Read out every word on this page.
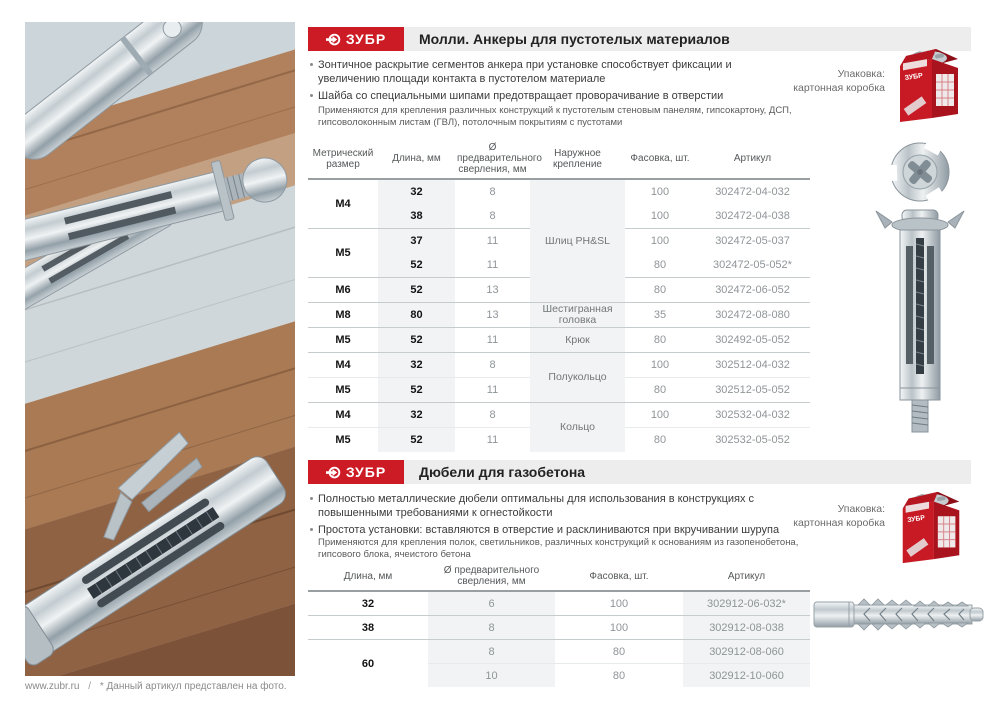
ЗУБР Молли. Анкеры для пустотелых материалов
Зонтичное раскрытие сегментов анкера при установке способствует фиксации и увеличению площади контакта в пустотелом материале
Шайба со специальными шипами предотвращает проворачивание в отверстии
Применяются для крепления различных конструкций к пустотелым стеновым панелям, гипсокартону, ДСП, гипсоволоконным листам (ГВЛ), потолочным покрытиям с пустотами
Упаковка:
картонная коробка
ЗУБР
Метрический размер	Длина, мм	Ø предварительного сверления, мм	Наружное крепление	Фасовка, шт.	Артикул
М4	32	8	Шлиц PH&SL	100	302472-04-032
	38	8		100	302472-04-038
М5	37	11		100	302472-05-037
	52	11		80	302472-05-052*
М6	52	13		80	302472-06-052
М8	80	13	Шестигранная головка	35	302472-08-080
М5	52	11	Крюк	80	302492-05-052
М4	32	8	Полукольцо	100	302512-04-032
М5	52	11		80	302512-05-052
М4	32	8	Кольцо	100	302532-04-032
М5	52	11		80	302532-05-052
ЗУБР Дюбели для газобетона
Полностью металлические дюбели оптимальны для использования в конструкциях с повышенными требованиями к огнестойкости
Простота установки: вставляются в отверстие и расклиниваются при вкручивании шурупа
Применяются для крепления полок, светильников, различных конструкций к основаниям из газопенобетона, гипсового блока, ячеистого бетона
Упаковка:
картонная коробка	ЗУБР
Длина, мм	Ø предварительного сверления, мм	Фасовка, шт.	Артикул
32	6	100	302912-06-032*
38	8	100	302912-08-038
60	8	80	302912-08-060
	10	80	302912-10-060
www.zubr.ru / * Данный артикул представлен на фото.
